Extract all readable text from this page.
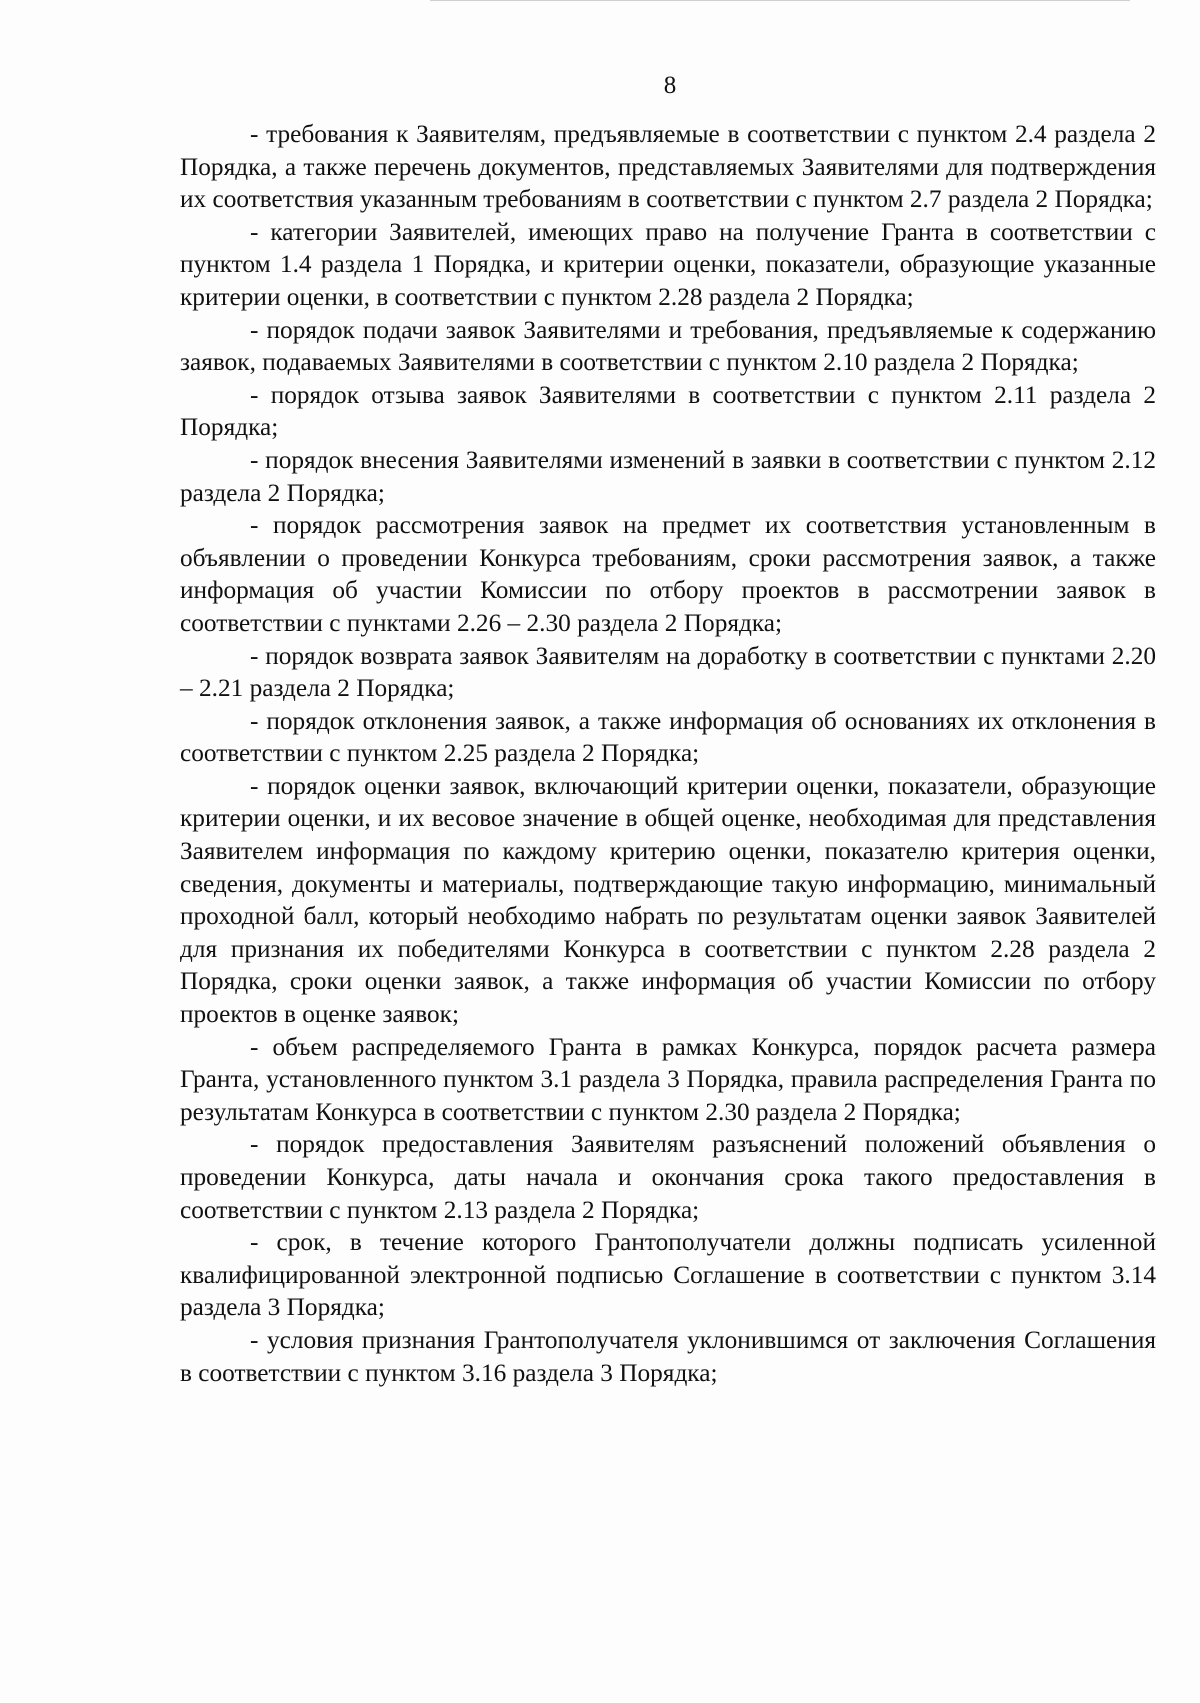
8

- требования к Заявителям, предъявляемые в соответствии с пунктом 2.4 раздела 2 Порядка, а также перечень документов, представляемых Заявителями для подтверждения их соответствия указанным требованиям в соответствии с пунктом 2.7 раздела 2 Порядка;

- категории Заявителей, имеющих право на получение Гранта в соответствии с пунктом 1.4 раздела 1 Порядка, и критерии оценки, показатели, образующие указанные критерии оценки, в соответствии с пунктом 2.28 раздела 2 Порядка;

- порядок подачи заявок Заявителями и требования, предъявляемые к содержанию заявок, подаваемых Заявителями в соответствии с пунктом 2.10 раздела 2 Порядка;

- порядок отзыва заявок Заявителями в соответствии с пунктом 2.11 раздела 2 Порядка;

- порядок внесения Заявителями изменений в заявки в соответствии с пунктом 2.12 раздела 2 Порядка;

- порядок рассмотрения заявок на предмет их соответствия установленным в объявлении о проведении Конкурса требованиям, сроки рассмотрения заявок, а также информация об участии Комиссии по отбору проектов в рассмотрении заявок в соответствии с пунктами 2.26 – 2.30 раздела 2 Порядка;

- порядок возврата заявок Заявителям на доработку в соответствии с пунктами 2.20 – 2.21 раздела 2 Порядка;

- порядок отклонения заявок, а также информация об основаниях их отклонения в соответствии с пунктом 2.25 раздела 2 Порядка;

- порядок оценки заявок, включающий критерии оценки, показатели, образующие критерии оценки, и их весовое значение в общей оценке, необходимая для представления Заявителем информация по каждому критерию оценки, показателю критерия оценки, сведения, документы и материалы, подтверждающие такую информацию, минимальный проходной балл, который необходимо набрать по результатам оценки заявок Заявителей для признания их победителями Конкурса в соответствии с пунктом 2.28 раздела 2 Порядка, сроки оценки заявок, а также информация об участии Комиссии по отбору проектов в оценке заявок;

- объем распределяемого Гранта в рамках Конкурса, порядок расчета размера Гранта, установленного пунктом 3.1 раздела 3 Порядка, правила распределения Гранта по результатам Конкурса в соответствии с пунктом 2.30 раздела 2 Порядка;

- порядок предоставления Заявителям разъяснений положений объявления о проведении Конкурса, даты начала и окончания срока такого предоставления в соответствии с пунктом 2.13 раздела 2 Порядка;

- срок, в течение которого Грантополучатели должны подписать усиленной квалифицированной электронной подписью Соглашение в соответствии с пунктом 3.14 раздела 3 Порядка;

- условия признания Грантополучателя уклонившимся от заключения Соглашения в соответствии с пунктом 3.16 раздела 3 Порядка;
